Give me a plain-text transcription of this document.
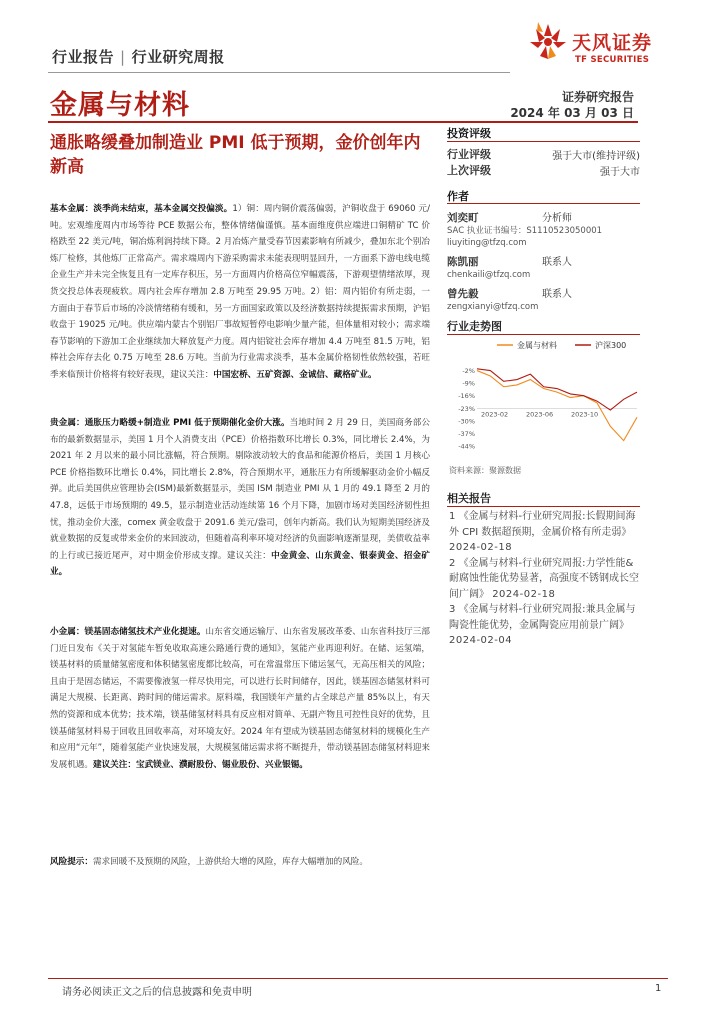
行业报告 | 行业研究周报
天风证券
TF SECURITIES
金属与材料	证券研究报告
2024 年 03 月 03 日
通胀略缓叠加制造业 PMI 低于预期，金价创年内新高
基本金属：淡季尚未结束，基本金属交投偏淡。1）铜：周内铜价震荡偏弱，沪铜收盘于 69060 元/吨。宏观维度周内市场等待 PCE 数据公布，整体情绪偏谨慎。基本面维度供应端进口铜精矿 TC 价格跌至 22 美元/吨，铜冶炼利润持续下降。2 月冶炼产量受春节因素影响有所减少，叠加东北个别冶炼厂检修，其他炼厂正常高产。需求端周内下游采购需求未能表现明显回升，一方面系下游电线电缆企业生产并未完全恢复且有一定库存积压，另一方面周内价格高位窄幅震荡，下游观望情绪浓厚，现货交投总体表现疲软。周内社会库存增加 2.8 万吨至 29.95 万吨。2）铝：周内铝价有所走弱，一方面由于春节后市场的冷淡情绪稍有缓和，另一方面国家政策以及经济数据持续提振需求预期，沪铝收盘于 19025 元/吨。供应端内蒙古个别铝厂事故短暂停电影响少量产能，但体量相对较小；需求端春节影响的下游加工企业继续加大释放复产力度。周内铝锭社会库存增加 4.4 万吨至 81.5 万吨，铝棒社会库存去化 0.75 万吨至 28.6 万吨。当前为行业需求淡季，基本金属价格韧性依然较强，若旺季来临预计价格将有较好表现，建议关注：中国宏桥、五矿资源、金诚信、藏格矿业。
贵金属：通胀压力略缓+制造业 PMI 低于预期催化金价大涨。当地时间 2 月 29 日，美国商务部公布的最新数据显示，美国 1 月个人消费支出（PCE）价格指数环比增长 0.3%，同比增长 2.4%，为 2021 年 2 月以来的最小同比涨幅，符合预期。剔除波动较大的食品和能源价格后，美国 1 月核心 PCE 价格指数环比增长 0.4%，同比增长 2.8%，符合预期水平，通胀压力有所缓解驱动金价小幅反弹。此后美国供应管理协会(ISM)最新数据显示，美国 ISM 制造业 PMI 从 1 月的 49.1 降至 2 月的 47.8，远低于市场预期的 49.5，显示制造业活动连续第 16 个月下降，加剧市场对美国经济韧性担忧，推动金价大涨，comex 黄金收盘于 2091.6 美元/盎司，创年内新高。我们认为短期美国经济及就业数据的反复或带来金价的来回波动，但随着高利率环境对经济的负面影响逐渐显现，美债收益率的上行或已接近尾声，对中期金价形成支撑。建议关注：中金黄金、山东黄金、银泰黄金、招金矿业。
小金属：镁基固态储氢技术产业化提速。山东省交通运输厅、山东省发展改革委、山东省科技厅三部门近日发布《关于对氢能车暂免收取高速公路通行费的通知》，氢能产业再迎利好。在储、运氢端，镁基材料的质量储氢密度和体积储氢密度都比较高，可在常温常压下储运氢气，无高压相关的风险；且由于是固态储运，不需要像液氢一样尽快用完，可以进行长时间储存，因此，镁基固态储氢材料可满足大规模、长距离、跨时间的储运需求。原料端，我国镁年产量约占全球总产量 85%以上，有天然的资源和成本优势；技术端，镁基储氢材料具有反应相对简单、无副产物且可控性良好的优势，且镁基储氢材料易于回收且回收率高，对环境友好。2024 年有望成为镁基固态储氢材料的规模化生产和应用“元年”，随着氢能产业快速发展，大规模氢储运需求将不断提升，带动镁基固态储氢材料迎来发展机遇。建议关注：宝武镁业、濮耐股份、锡业股份、兴业银锡。
风险提示：需求回暖不及预期的风险，上游供给大增的风险，库存大幅增加的风险。
投资评级
行业评级	强于大市(维持评级)
上次评级	强于大市
作者
刘奕町	分析师
SAC 执业证书编号：S1110523050001
liuyiting@tfzq.com
陈凯丽	联系人
chenkaili@tfzq.com
曾先毅	联系人
zengxianyi@tfzq.com
行业走势图
金属与材料	沪深300
-2%
-9%
-16%
-23%
-30%
-37%
-44%
2023-02	2023-06	2023-10
资料来源：聚源数据
相关报告
1 《金属与材料-行业研究周报:长假期间海外 CPI 数据超预期，金属价格有所走弱》 2024-02-18
2 《金属与材料-行业研究周报:力学性能&耐腐蚀性能优势显著，高强度不锈钢成长空间广阔》 2024-02-18
3 《金属与材料-行业研究周报:兼具金属与陶瓷性能优势，金属陶瓷应用前景广阔》 2024-02-04
请务必阅读正文之后的信息披露和免责申明	1
